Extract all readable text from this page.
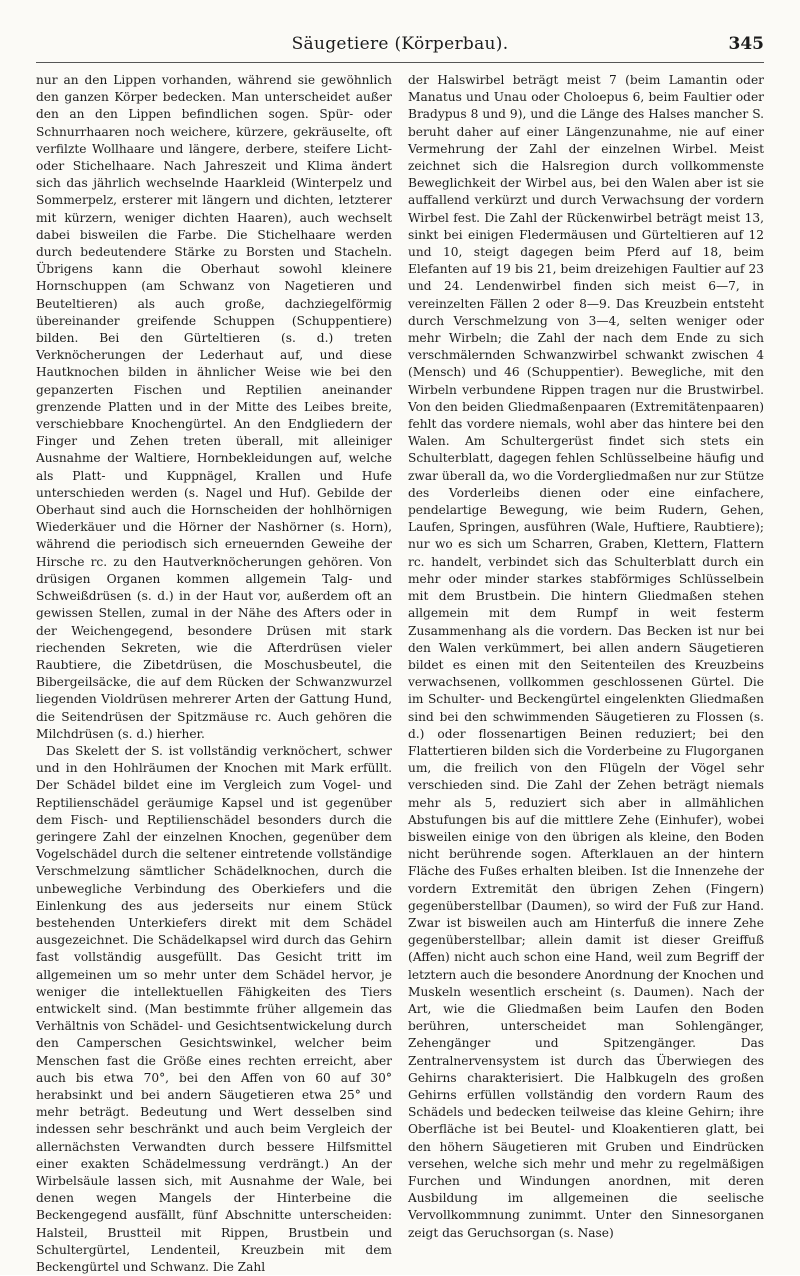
Säugetiere (Körperbau).	345

nur an den Lippen vorhanden, während sie gewöhnlich den ganzen Körper bedecken. Man unterscheidet außer den an den Lippen befindlichen sogen. Spür- oder Schnurrhaaren noch weichere, kürzere, gekräuselte, oft verfilzte Wollhaare und längere, derbere, steifere Licht- oder Stichelhaare. Nach Jahreszeit und Klima ändert sich das jährlich wechselnde Haarkleid (Winterpelz und Sommerpelz, ersterer mit längern und dichten, letzterer mit kürzern, weniger dichten Haaren), auch wechselt dabei bisweilen die Farbe. Die Stichelhaare werden durch bedeutendere Stärke zu Borsten und Stacheln. Übrigens kann die Oberhaut sowohl kleinere Hornschuppen (am Schwanz von Nagetieren und Beuteltieren) als auch große, dachziegelförmig übereinander greifende Schuppen (Schuppentiere) bilden. Bei den Gürteltieren (s. d.) treten Verknöcherungen der Lederhaut auf, und diese Hautknochen bilden in ähnlicher Weise wie bei den gepanzerten Fischen und Reptilien aneinander grenzende Platten und in der Mitte des Leibes breite, verschiebbare Knochengürtel. An den Endgliedern der Finger und Zehen treten überall, mit alleiniger Ausnahme der Waltiere, Hornbekleidungen auf, welche als Platt- und Kuppnägel, Krallen und Hufe unterschieden werden (s. Nagel und Huf). Gebilde der Oberhaut sind auch die Hornscheiden der hohlhörnigen Wiederkäuer und die Hörner der Nashörner (s. Horn), während die periodisch sich erneuernden Geweihe der Hirsche rc. zu den Hautverknöcherungen gehören. Von drüsigen Organen kommen allgemein Talg- und Schweißdrüsen (s. d.) in der Haut vor, außerdem oft an gewissen Stellen, zumal in der Nähe des Afters oder in der Weichengegend, besondere Drüsen mit stark riechenden Sekreten, wie die Afterdrüsen vieler Raubtiere, die Zibetdrüsen, die Moschusbeutel, die Bibergeilsäcke, die auf dem Rücken der Schwanzwurzel liegenden Violdrüsen mehrerer Arten der Gattung Hund, die Seitendrüsen der Spitzmäuse rc. Auch gehören die Milchdrüsen (s. d.) hierher.

Das Skelett der S. ist vollständig verknöchert, schwer und in den Hohlräumen der Knochen mit Mark erfüllt. Der Schädel bildet eine im Vergleich zum Vogel- und Reptilienschädel geräumige Kapsel und ist gegenüber dem Fisch- und Reptilienschädel besonders durch die geringere Zahl der einzelnen Knochen, gegenüber dem Vogelschädel durch die seltener eintretende vollständige Verschmelzung sämtlicher Schädelknochen, durch die unbewegliche Verbindung des Oberkiefers und die Einlenkung des aus jederseits nur einem Stück bestehenden Unterkiefers direkt mit dem Schädel ausgezeichnet. Die Schädelkapsel wird durch das Gehirn fast vollständig ausgefüllt. Das Gesicht tritt im allgemeinen um so mehr unter dem Schädel hervor, je weniger die intellektuellen Fähigkeiten des Tiers entwickelt sind. (Man bestimmte früher allgemein das Verhältnis von Schädel- und Gesichtsentwickelung durch den Camperschen Gesichtswinkel, welcher beim Menschen fast die Größe eines rechten erreicht, aber auch bis etwa 70°, bei den Affen von 60 auf 30° herabsinkt und bei andern Säugetieren etwa 25° und mehr beträgt. Bedeutung und Wert desselben sind indessen sehr beschränkt und auch beim Vergleich der allernächsten Verwandten durch bessere Hilfsmittel einer exakten Schädelmessung verdrängt.) An der Wirbelsäule lassen sich, mit Ausnahme der Wale, bei denen wegen Mangels der Hinterbeine die Beckengegend ausfällt, fünf Abschnitte unterscheiden: Halsteil, Brustteil mit Rippen, Brustbein und Schultergürtel, Lendenteil, Kreuzbein mit dem Beckengürtel und Schwanz. Die Zahl

der Halswirbel beträgt meist 7 (beim Lamantin oder Manatus und Unau oder Choloepus 6, beim Faultier oder Bradypus 8 und 9), und die Länge des Halses mancher S. beruht daher auf einer Längenzunahme, nie auf einer Vermehrung der Zahl der einzelnen Wirbel. Meist zeichnet sich die Halsregion durch vollkommenste Beweglichkeit der Wirbel aus, bei den Walen aber ist sie auffallend verkürzt und durch Verwachsung der vordern Wirbel fest. Die Zahl der Rückenwirbel beträgt meist 13, sinkt bei einigen Fledermäusen und Gürteltieren auf 12 und 10, steigt dagegen beim Pferd auf 18, beim Elefanten auf 19 bis 21, beim dreizehigen Faultier auf 23 und 24. Lendenwirbel finden sich meist 6—7, in vereinzelten Fällen 2 oder 8—9. Das Kreuzbein entsteht durch Verschmelzung von 3—4, selten weniger oder mehr Wirbeln; die Zahl der nach dem Ende zu sich verschmälernden Schwanzwirbel schwankt zwischen 4 (Mensch) und 46 (Schuppentier). Bewegliche, mit den Wirbeln verbundene Rippen tragen nur die Brustwirbel. Von den beiden Gliedmaßenpaaren (Extremitätenpaaren) fehlt das vordere niemals, wohl aber das hintere bei den Walen. Am Schultergerüst findet sich stets ein Schulterblatt, dagegen fehlen Schlüsselbeine häufig und zwar überall da, wo die Vordergliedmaßen nur zur Stütze des Vorderleibs dienen oder eine einfachere, pendelartige Bewegung, wie beim Rudern, Gehen, Laufen, Springen, ausführen (Wale, Huftiere, Raubtiere); nur wo es sich um Scharren, Graben, Klettern, Flattern rc. handelt, verbindet sich das Schulterblatt durch ein mehr oder minder starkes stabförmiges Schlüsselbein mit dem Brustbein. Die hintern Gliedmaßen stehen allgemein mit dem Rumpf in weit festerm Zusammenhang als die vordern. Das Becken ist nur bei den Walen verkümmert, bei allen andern Säugetieren bildet es einen mit den Seitenteilen des Kreuzbeins verwachsenen, vollkommen geschlossenen Gürtel. Die im Schulter- und Beckengürtel eingelenkten Gliedmaßen sind bei den schwimmenden Säugetieren zu Flossen (s. d.) oder flossenartigen Beinen reduziert; bei den Flattertieren bilden sich die Vorderbeine zu Flugorganen um, die freilich von den Flügeln der Vögel sehr verschieden sind. Die Zahl der Zehen beträgt niemals mehr als 5, reduziert sich aber in allmählichen Abstufungen bis auf die mittlere Zehe (Einhufer), wobei bisweilen einige von den übrigen als kleine, den Boden nicht berührende sogen. Afterklauen an der hintern Fläche des Fußes erhalten bleiben. Ist die Innenzehe der vordern Extremität den übrigen Zehen (Fingern) gegenüberstellbar (Daumen), so wird der Fuß zur Hand. Zwar ist bisweilen auch am Hinterfuß die innere Zehe gegenüberstellbar; allein damit ist dieser Greiffuß (Affen) nicht auch schon eine Hand, weil zum Begriff der letztern auch die besondere Anordnung der Knochen und Muskeln wesentlich erscheint (s. Daumen). Nach der Art, wie die Gliedmaßen beim Laufen den Boden berühren, unterscheidet man Sohlengänger, Zehengänger und Spitzengänger. Das Zentralnervensystem ist durch das Überwiegen des Gehirns charakterisiert. Die Halbkugeln des großen Gehirns erfüllen vollständig den vordern Raum des Schädels und bedecken teilweise das kleine Gehirn; ihre Oberfläche ist bei Beutel- und Kloakentieren glatt, bei den höhern Säugetieren mit Gruben und Eindrücken versehen, welche sich mehr und mehr zu regelmäßigen Furchen und Windungen anordnen, mit deren Ausbildung im allgemeinen die seelische Vervollkommnung zunimmt. Unter den Sinnesorganen zeigt das Geruchsorgan (s. Nase)
